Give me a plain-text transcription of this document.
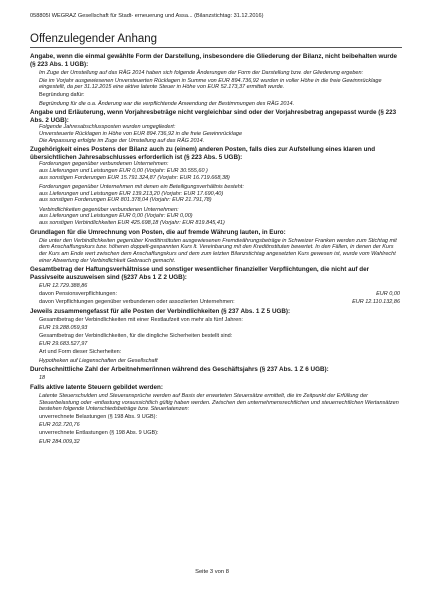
058805I WEGRAZ Gesellschaft für Stadt- erneuerung und Assa... (Bilanzstichtag: 31.12.2016)
Offenzulegender Anhang

Angabe, wenn die einmal gewählte Form der Darstellung, insbesondere die Gliederung der Bilanz, nicht beibehalten wurde (§ 223 Abs. 1 UGB):

Im Zuge der Umstellung auf das RÄG 2014 haben sich folgende Änderungen der Form der Darstellung bzw. der Gliederung ergeben:

Die im Vorjahr ausgewiesenen Unversteuerten Rücklagen in Summe von EUR 894.736,92 wurden in voller Höhe in die freie Gewinnrücklage eingestellt, da per 31.12.2015 eine aktive latente Steuer in Höhe von EUR 52.173,37 ermittelt wurde.

Begründung dafür:

Begründung für die o.a. Änderung war die verpflichtende Anwendung der Bestimmungen des RÄG 2014.

Angabe und Erläuterung, wenn Vorjahresbeträge nicht vergleichbar sind oder der Vorjahresbetrag angepasst wurde (§ 223 Abs. 2 UGB):

Folgende Jahresabschlussposten wurden umgegliedert:

Unversteuerte Rücklagen in Höhe von EUR 894.736,92 in die freie Gewinnrücklage

Die Anpassung erfolgte im Zuge der Umstellung auf das RÄG 2014.

Zugehörigkeit eines Postens der Bilanz auch zu (einem) anderen Posten, falls dies zur Aufstellung eines klaren und übersichtlichen Jahresabschlusses erforderlich ist (§ 223 Abs. 5 UGB):

Forderungen gegenüber verbundenen Unternehmen:

aus Lieferungen und Leistungen EUR 0,00 (Vorjahr: EUR 30.555,60 )

aus sonstigen Forderungen EUR 15.791.324,87 (Vorjahr: EUR 16.719.668,38)

Forderungen gegenüber Unternehmen mit denen ein Beteiligungsverhältnis besteht:

aus Lieferungen und Leistungen EUR 139.213,20 (Vorjahr: EUR 17.690,40)

aus sonstigen Forderungen EUR 801.378,04 (Vorjahr: EUR 21.791,78)

Verbindlichkeiten gegenüber verbundenen Unternehmen:

aus Lieferungen und Leistungen EUR 0,00 (Vorjahr: EUR 0,00)

aus sonstigen Verbindlichkeiten EUR 425.698,18 (Vorjahr: EUR 819.845,41)

Grundlagen für die Umrechnung von Posten, die auf fremde Währung lauten, in Euro:

Die unter den Verbindlichkeiten gegenüber Kreditinstituten ausgewiesenen Fremdwährungsbeträge in Schweizer Franken werden zum Stichtag mit dem Anschaffungskurs bzw. höheren doppelt-gespannten Kurs lt. Vereinbarung mit den Kreditinstituten bewertet. In den Fällen, in denen der Kurs der Kurs am Ende wert zwischen dem Anschaffungskurs und dem zum letzten Bilanzstichtag angesetzten Kurs gewesen ist, wurde vom Wahlrecht einer Abwertung der Verbindlichkeit Gebrauch gemacht.

Gesamtbetrag der Haftungsverhältnisse und sonstiger wesentlicher finanzieller Verpflichtungen, die nicht auf der Passivseite auszuweisen sind (§237 Abs 1 Z 2 UGB):

EUR 12.729.388,86

davon Pensionsverpflichtungen:	EUR 0,00
davon Verpflichtungen gegenüber verbundenen oder assoziierten Unternehmen:	EUR 12.110.132,86

Jeweils zusammengefasst für alle Posten der Verbindlichkeiten (§ 237 Abs. 1 Z 5 UGB):

Gesamtbetrag der Verbindlichkeiten mit einer Restlaufzeit von mehr als fünf Jahren:

EUR 19.288.059,93

Gesamtbetrag der Verbindlichkeiten, für die dingliche Sicherheiten bestellt sind:

EUR 29.683.527,97

Art und Form dieser Sicherheiten:

Hypotheken auf Liegenschaften der Gesellschaft

Durchschnittliche Zahl der Arbeitnehmer/innen während des Geschäftsjahrs (§ 237 Abs. 1 Z 6 UGB):

18

Falls aktive latente Steuern gebildet werden:

Latente Steuerschulden und Steueransprüche werden auf Basis der erwarteten Steuersätze ermittelt, die im Zeitpunkt der Erfüllung der Steuerbelastung oder -entlastung voraussichtlich gültig haben werden. Zwischen den unternehmensrechtlichen und steuerrechtlichen Wertansätzen bestehen folgende Unterschiedsbeträge bzw. Steuerlatenzen:

unverrechnete Belastungen (§ 198 Abs. 9 UGB):

EUR 202.720,76

unverrechnete Entlastungen (§ 198 Abs. 9 UGB):

EUR 284.009,32

Seite 3 von 8
